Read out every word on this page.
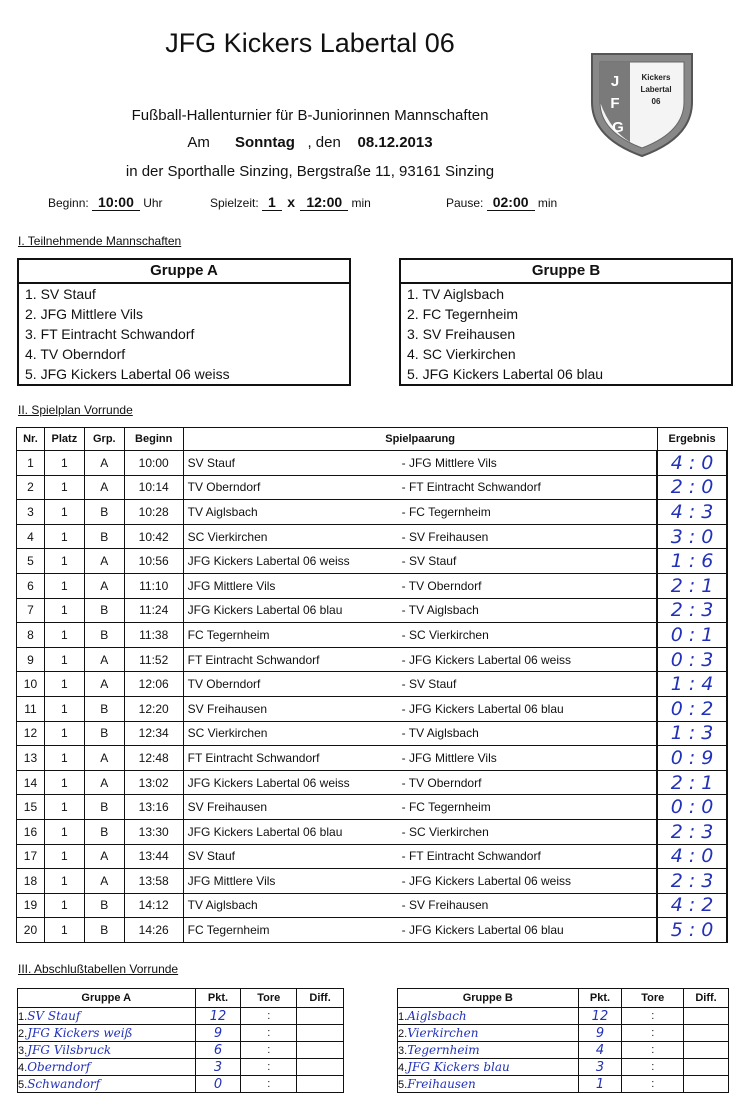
JFG Kickers Labertal 06
J
F
G
Kickers
Labertal
06
Fußball-Hallenturnier für B-Juniorinnen Mannschaften
Am Sonntag , den 08.12.2013
in der Sporthalle Sinzing, Bergstraße 11, 93161 Sinzing
Beginn: 10:00 Uhr	Spielzeit: 1 x 12:00 min	Pause: 02:00 min
I. Teilnehmende Mannschaften
Gruppe A
1. SV Stauf
2. JFG Mittlere Vils
3. FT Eintracht Schwandorf
4. TV Oberndorf
5. JFG Kickers Labertal 06 weiss
Gruppe B
1. TV Aiglsbach
2. FC Tegernheim
3. SV Freihausen
4. SC Vierkirchen
5. JFG Kickers Labertal 06 blau
II. Spielplan Vorrunde
Nr.	Platz	Grp.	Beginn	Spielpaarung	Ergebnis
1	1	A	10:00	SV Stauf - JFG Mittlere Vils	4 : 0
2	1	A	10:14	TV Oberndorf - FT Eintracht Schwandorf	2 : 0
3	1	B	10:28	TV Aiglsbach - FC Tegernheim	4 : 3
4	1	B	10:42	SC Vierkirchen - SV Freihausen	3 : 0
5	1	A	10:56	JFG Kickers Labertal 06 weiss - SV Stauf	1 : 6
6	1	A	11:10	JFG Mittlere Vils - TV Oberndorf	2 : 1
7	1	B	11:24	JFG Kickers Labertal 06 blau - TV Aiglsbach	2 : 3
8	1	B	11:38	FC Tegernheim - SC Vierkirchen	0 : 1
9	1	A	11:52	FT Eintracht Schwandorf - JFG Kickers Labertal 06 weiss	0 : 3
10	1	A	12:06	TV Oberndorf - SV Stauf	1 : 4
11	1	B	12:20	SV Freihausen - JFG Kickers Labertal 06 blau	0 : 2
12	1	B	12:34	SC Vierkirchen - TV Aiglsbach	1 : 3
13	1	A	12:48	FT Eintracht Schwandorf - JFG Mittlere Vils	0 : 9
14	1	A	13:02	JFG Kickers Labertal 06 weiss - TV Oberndorf	2 : 1
15	1	B	13:16	SV Freihausen - FC Tegernheim	0 : 0
16	1	B	13:30	JFG Kickers Labertal 06 blau - SC Vierkirchen	2 : 3
17	1	A	13:44	SV Stauf - FT Eintracht Schwandorf	4 : 0
18	1	A	13:58	JFG Mittlere Vils - JFG Kickers Labertal 06 weiss	2 : 3
19	1	B	14:12	TV Aiglsbach - SV Freihausen	4 : 2
20	1	B	14:26	FC Tegernheim - JFG Kickers Labertal 06 blau	5 : 0
III. Abschlußtabellen Vorrunde
Gruppe A	Pkt.	Tore	Diff.
1.SV Stauf	12	:	
2.JFG Kickers weiß	9	:	
3.JFG Vilsbruck	6	:	
4.Oberndorf	3	:	
5.Schwandorf	0	:	
Gruppe B	Pkt.	Tore	Diff.
1.Aiglsbach	12	:	
2.Vierkirchen	9	:	
3.Tegernheim	4	:	
4.JFG Kickers blau	3	:	
5.Freihausen	1	:	
